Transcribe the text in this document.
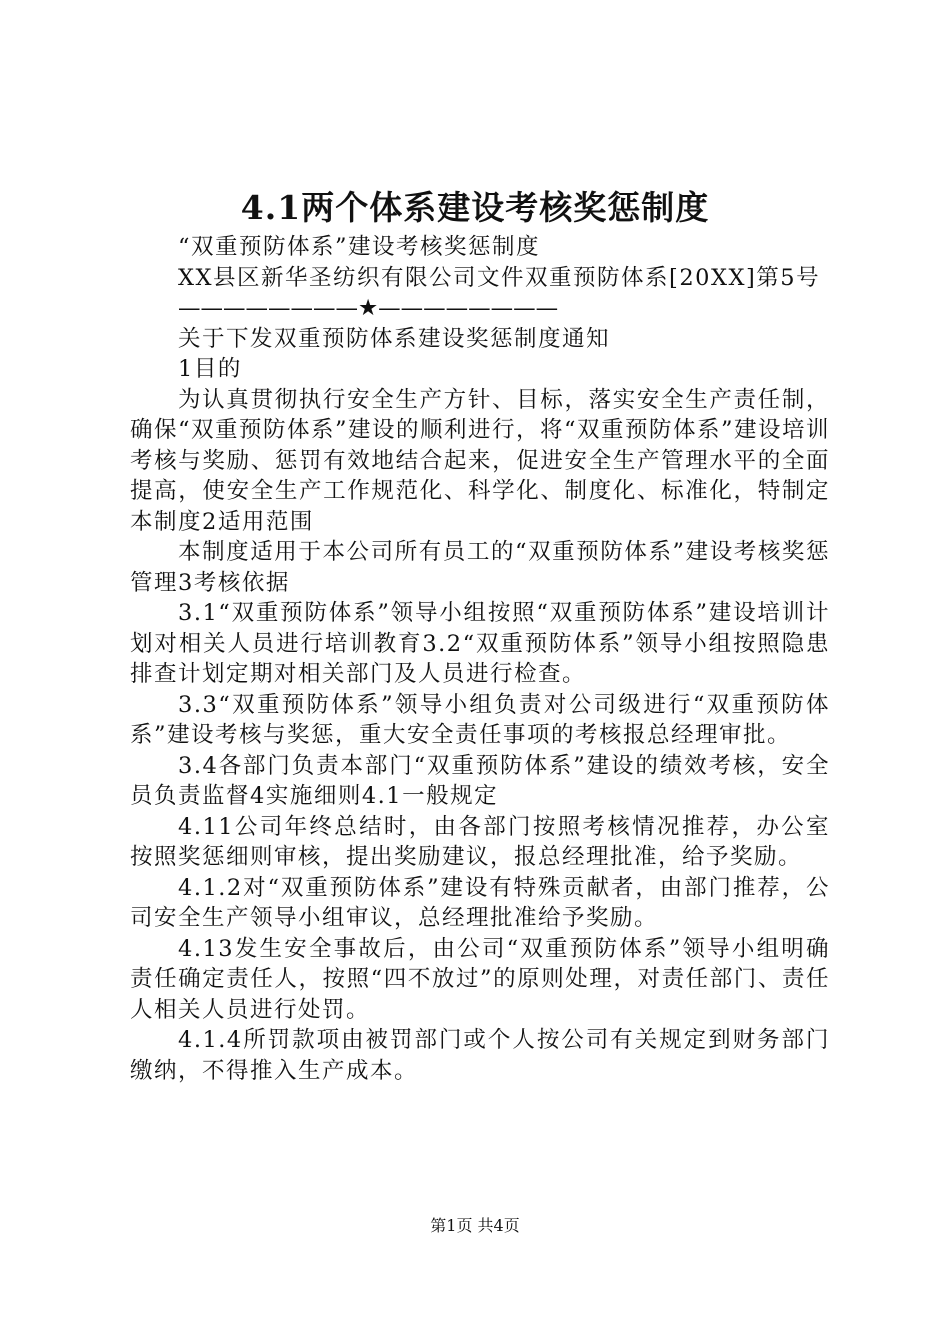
4.1两个体系建设考核奖惩制度

“双重预防体系”建设考核奖惩制度

XX县区新华圣纺织有限公司文件双重预防体系[20XX]第5号

————————★————————

关于下发双重预防体系建设奖惩制度通知

1目的

为认真贯彻执行安全生产方针、目标，落实安全生产责任制，确保“双重预防体系”建设的顺利进行，将“双重预防体系”建设培训考核与奖励、惩罚有效地结合起来，促进安全生产管理水平的全面提高，使安全生产工作规范化、科学化、制度化、标准化，特制定本制度2适用范围

本制度适用于本公司所有员工的“双重预防体系”建设考核奖惩管理3考核依据

3.1“双重预防体系”领导小组按照“双重预防体系”建设培训计划对相关人员进行培训教育3.2“双重预防体系”领导小组按照隐患排查计划定期对相关部门及人员进行检查。

3.3“双重预防体系”领导小组负责对公司级进行“双重预防体系”建设考核与奖惩，重大安全责任事项的考核报总经理审批。

3.4各部门负责本部门“双重预防体系”建设的绩效考核，安全员负责监督4实施细则4.1一般规定

4.11公司年终总结时，由各部门按照考核情况推荐，办公室按照奖惩细则审核，提出奖励建议，报总经理批准，给予奖励。

4.1.2对“双重预防体系”建设有特殊贡献者，由部门推荐，公司安全生产领导小组审议，总经理批准给予奖励。

4.13发生安全事故后，由公司“双重预防体系”领导小组明确责任确定责任人，按照“四不放过”的原则处理，对责任部门、责任人相关人员进行处罚。

4.1.4所罚款项由被罚部门或个人按公司有关规定到财务部门缴纳，不得推入生产成本。

第1页 共4页
